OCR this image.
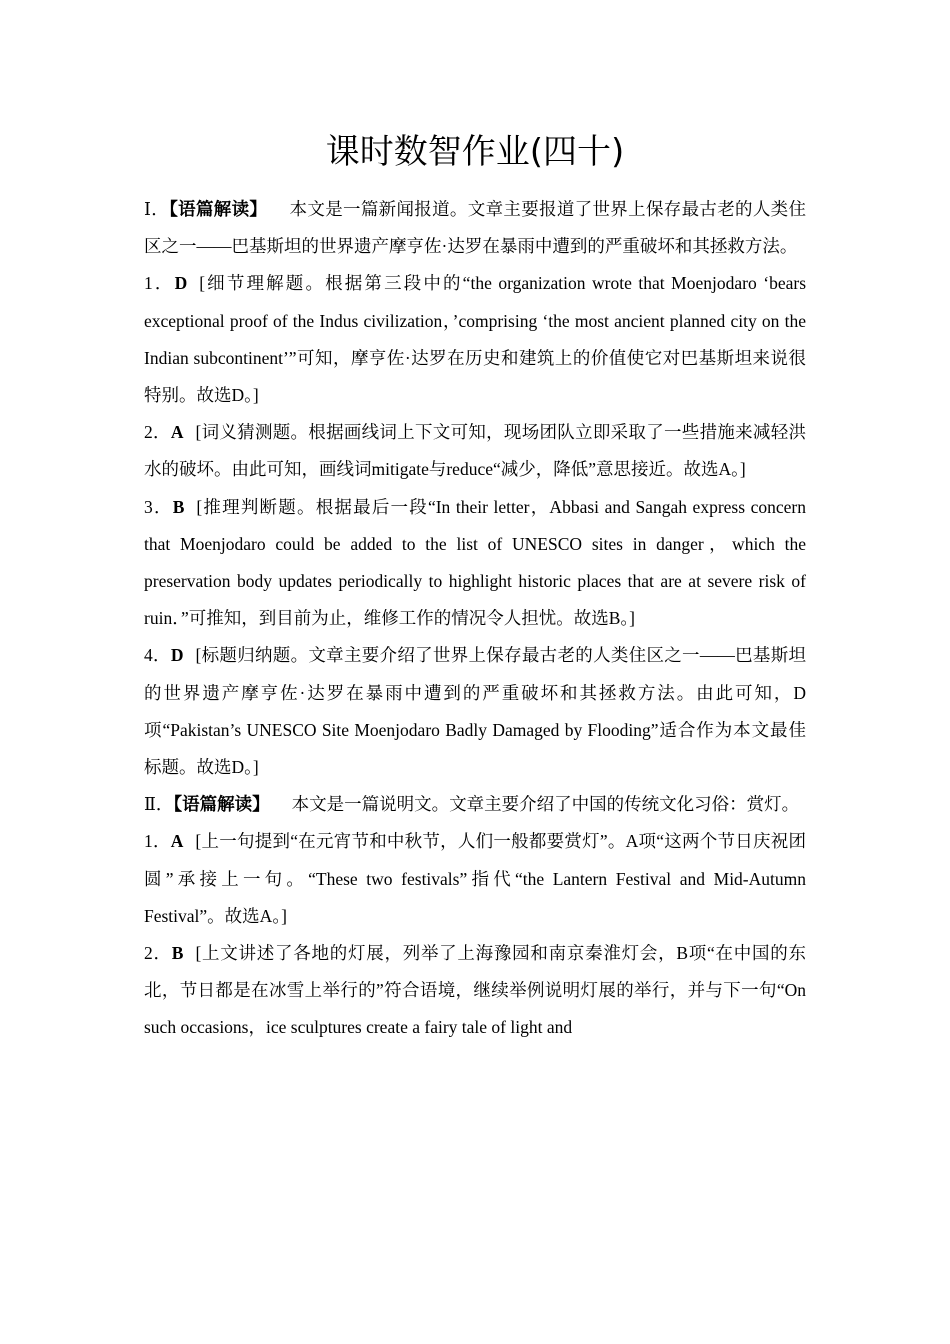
课时数智作业(四十)

Ⅰ．【语篇解读】 本文是一篇新闻报道。文章主要报道了世界上保存最古老的人类住区之一——巴基斯坦的世界遗产摩亨佐·达罗在暴雨中遭到的严重破坏和其拯救方法。

1．D [细节理解题。根据第三段中的“the organization wrote that Moenjodaro ‘bears exceptional proof of the Indus civilization，’comprising ‘the most ancient planned city on the Indian subcontinent’”可知，摩亨佐·达罗在历史和建筑上的价值使它对巴基斯坦来说很特别。故选D。]

2．A [词义猜测题。根据画线词上下文可知，现场团队立即采取了一些措施来减轻洪水的破坏。由此可知，画线词mitigate与reduce“减少，降低”意思接近。故选A。]

3．B [推理判断题。根据最后一段“In their letter，Abbasi and Sangah express concern that Moenjodaro could be added to the list of UNESCO sites in danger，which the preservation body updates periodically to highlight historic places that are at severe risk of ruin．”可推知，到目前为止，维修工作的情况令人担忧。故选B。]

4．D [标题归纳题。文章主要介绍了世界上保存最古老的人类住区之一——巴基斯坦的世界遗产摩亨佐·达罗在暴雨中遭到的严重破坏和其拯救方法。由此可知，D项“Pakistan’s UNESCO Site Moenjodaro Badly Damaged by Flooding”适合作为本文最佳标题。故选D。]

Ⅱ．【语篇解读】 本文是一篇说明文。文章主要介绍了中国的传统文化习俗：赏灯。

1．A [上一句提到“在元宵节和中秋节，人们一般都要赏灯”。A项“这两个节日庆祝团圆”承接上一句。“These two festivals”指代“the Lantern Festival and Mid-Autumn Festival”。故选A。]

2．B [上文讲述了各地的灯展，列举了上海豫园和南京秦淮灯会，B项“在中国的东北，节日都是在冰雪上举行的”符合语境，继续举例说明灯展的举行，并与下一句“On such occasions，ice sculptures create a fairy tale of light and
